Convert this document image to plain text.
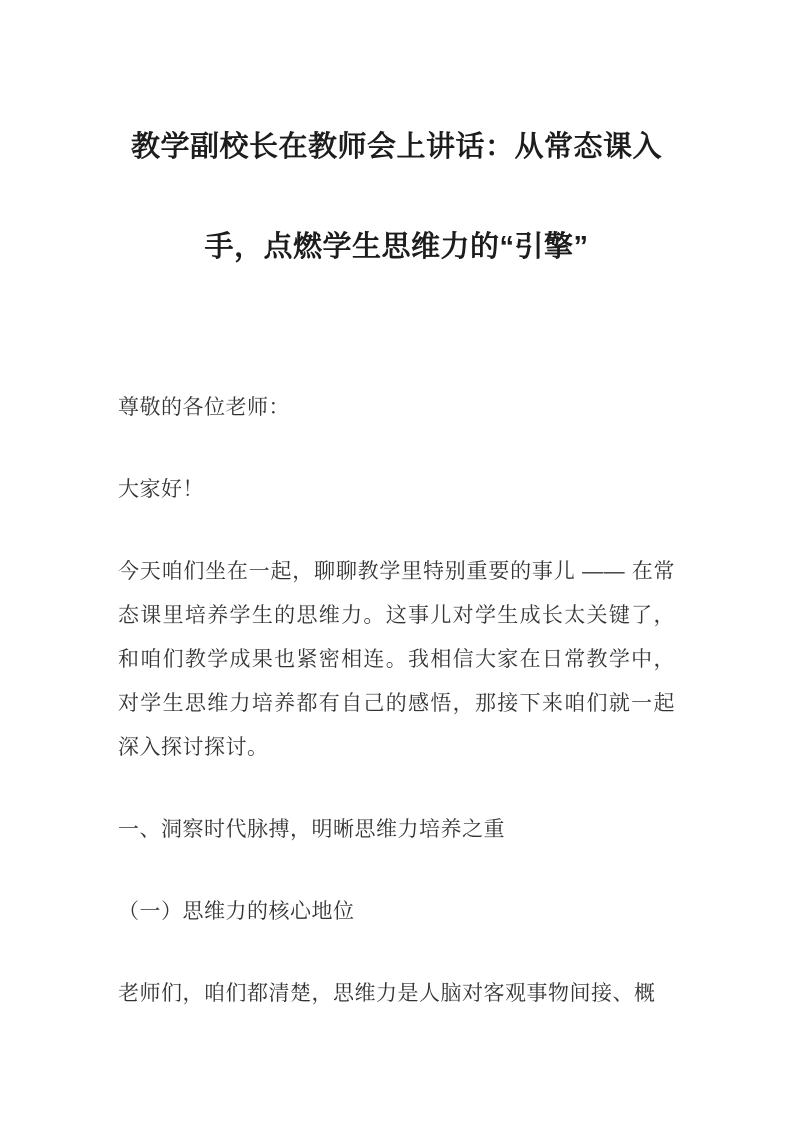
教学副校长在教师会上讲话：从常态课入手，点燃学生思维力的“引擎”

尊敬的各位老师：

大家好！

今天咱们坐在一起，聊聊教学里特别重要的事儿 —— 在常态课里培养学生的思维力。这事儿对学生成长太关键了，和咱们教学成果也紧密相连。我相信大家在日常教学中，对学生思维力培养都有自己的感悟，那接下来咱们就一起深入探讨探讨。

一、洞察时代脉搏，明晰思维力培养之重

（一）思维力的核心地位

老师们，咱们都清楚，思维力是人脑对客观事物间接、概
